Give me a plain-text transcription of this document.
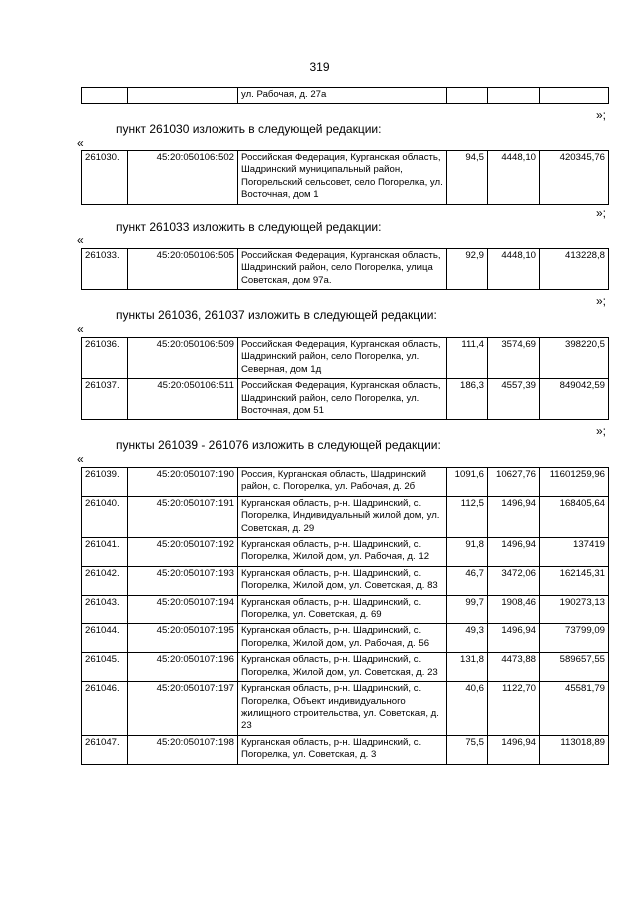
319
		ул. Рабочая, д. 27а			
»;
пункт 261030 изложить в следующей редакции:
«
261030.	45:20:050106:502	Российская Федерация, Курганская область, Шадринский муниципальный район, Погорельский сельсовет, село Погорелка, ул. Восточная, дом 1	94,5	4448,10	420345,76
»;
пункт 261033 изложить в следующей редакции:
«
261033.	45:20:050106:505	Российская Федерация, Курганская область, Шадринский район, село Погорелка, улица Советская, дом 97а.	92,9	4448,10	413228,8
»;
пункты 261036, 261037 изложить в следующей редакции:
«
261036.	45:20:050106:509	Российская Федерация, Курганская область, Шадринский район, село Погорелка, ул. Северная, дом 1д	111,4	3574,69	398220,5
261037.	45:20:050106:511	Российская Федерация, Курганская область, Шадринский район, село Погорелка, ул. Восточная, дом 51	186,3	4557,39	849042,59
»;
пункты 261039 - 261076 изложить в следующей редакции:
«
261039.	45:20:050107:190	Россия, Курганская область, Шадринский район, с. Погорелка, ул. Рабочая, д. 2б	1091,6	10627,76	11601259,96
261040.	45:20:050107:191	Курганская область, р-н. Шадринский, с. Погорелка, Индивидуальный жилой дом, ул. Советская, д. 29	112,5	1496,94	168405,64
261041.	45:20:050107:192	Курганская область, р-н. Шадринский, с. Погорелка, Жилой дом, ул. Рабочая, д. 12	91,8	1496,94	137419
261042.	45:20:050107:193	Курганская область, р-н. Шадринский, с. Погорелка, Жилой дом, ул. Советская, д. 83	46,7	3472,06	162145,31
261043.	45:20:050107:194	Курганская область, р-н. Шадринский, с. Погорелка, ул. Советская, д. 69	99,7	1908,46	190273,13
261044.	45:20:050107:195	Курганская область, р-н. Шадринский, с. Погорелка, Жилой дом, ул. Рабочая, д. 56	49,3	1496,94	73799,09
261045.	45:20:050107:196	Курганская область, р-н. Шадринский, с. Погорелка, Жилой дом, ул. Советская, д. 23	131,8	4473,88	589657,55
261046.	45:20:050107:197	Курганская область, р-н. Шадринский, с. Погорелка, Объект индивидуального жилищного строительства, ул. Советская, д. 23	40,6	1122,70	45581,79
261047.	45:20:050107:198	Курганская область, р-н. Шадринский, с. Погорелка, ул. Советская, д. 3	75,5	1496,94	113018,89
